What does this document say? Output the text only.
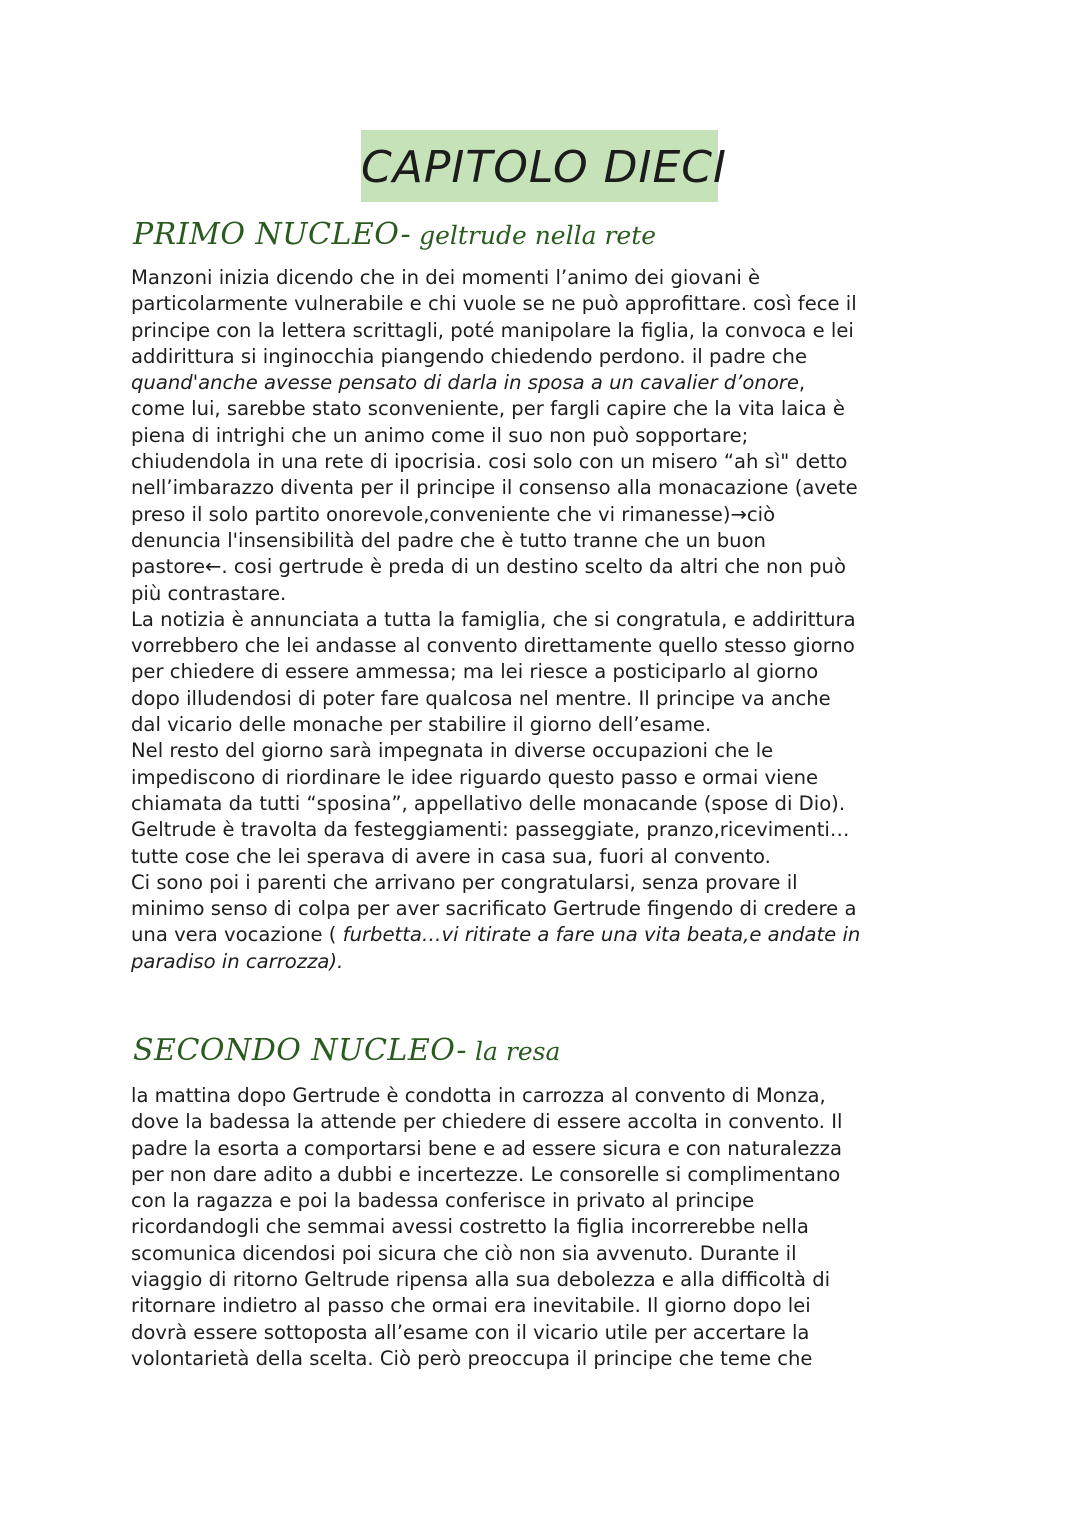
CAPITOLO DIECI
PRIMO NUCLEO- geltrude nella rete
Manzoni inizia dicendo che in dei momenti l’animo dei giovani è
particolarmente vulnerabile e chi vuole se ne può approfittare. così fece il
principe con la lettera scrittagli, poté manipolare la figlia, la convoca e lei
addirittura si inginocchia piangendo chiedendo perdono. il padre che
quand'anche avesse pensato di darla in sposa a un cavalier d’onore,
come lui, sarebbe stato sconveniente, per fargli capire che la vita laica è
piena di intrighi che un animo come il suo non può sopportare;
chiudendola in una rete di ipocrisia. cosi solo con un misero “ah sì" detto
nell’imbarazzo diventa per il principe il consenso alla monacazione (avete
preso il solo partito onorevole,conveniente che vi rimanesse)→ciò
denuncia l'insensibilità del padre che è tutto tranne che un buon
pastore←. cosi gertrude è preda di un destino scelto da altri che non può
più contrastare.
La notizia è annunciata a tutta la famiglia, che si congratula, e addirittura
vorrebbero che lei andasse al convento direttamente quello stesso giorno
per chiedere di essere ammessa; ma lei riesce a posticiparlo al giorno
dopo illudendosi di poter fare qualcosa nel mentre. Il principe va anche
dal vicario delle monache per stabilire il giorno dell’esame.
Nel resto del giorno sarà impegnata in diverse occupazioni che le
impediscono di riordinare le idee riguardo questo passo e ormai viene
chiamata da tutti “sposina”, appellativo delle monacande (spose di Dio).
Geltrude è travolta da festeggiamenti: passeggiate, pranzo,ricevimenti…
tutte cose che lei sperava di avere in casa sua, fuori al convento.
Ci sono poi i parenti che arrivano per congratularsi, senza provare il
minimo senso di colpa per aver sacrificato Gertrude fingendo di credere a
una vera vocazione ( furbetta…vi ritirate a fare una vita beata,e andate in
paradiso in carrozza).
SECONDO NUCLEO- la resa
la mattina dopo Gertrude è condotta in carrozza al convento di Monza,
dove la badessa la attende per chiedere di essere accolta in convento. Il
padre la esorta a comportarsi bene e ad essere sicura e con naturalezza
per non dare adito a dubbi e incertezze. Le consorelle si complimentano
con la ragazza e poi la badessa conferisce in privato al principe
ricordandogli che semmai avessi costretto la figlia incorrerebbe nella
scomunica dicendosi poi sicura che ciò non sia avvenuto. Durante il
viaggio di ritorno Geltrude ripensa alla sua debolezza e alla difficoltà di
ritornare indietro al passo che ormai era inevitabile. Il giorno dopo lei
dovrà essere sottoposta all’esame con il vicario utile per accertare la
volontarietà della scelta. Ciò però preoccupa il principe che teme che
